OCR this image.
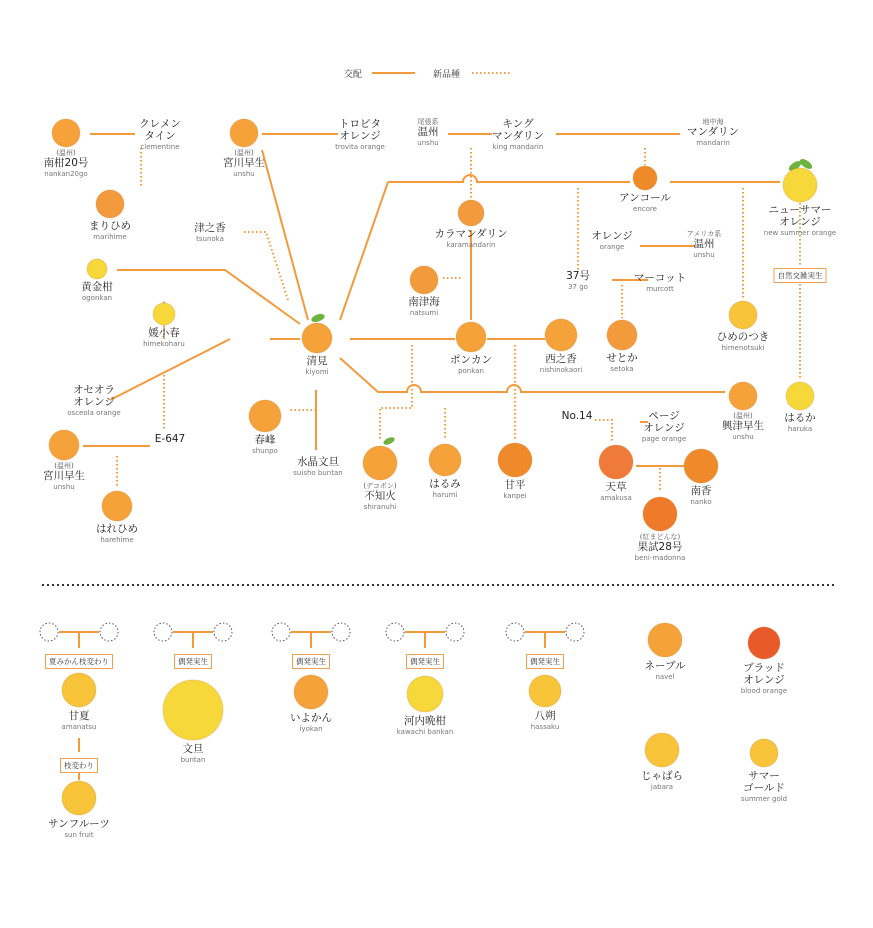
交配	新品種
自然交雑実生
(温州)
南柑20号
nankan20go
クレメン
タイン
clementine
まりひめ
marihime
(温州)
宮川早生
unshu
トロビタ
オレンジ
trovita orange
尾張系
温州
unshu
キング
マンダリン
king mandarin
地中海
マンダリン
mandarin
アンコール
encore	ニューサマー
オレンジ
new summer orange
津之香
tsunoka	カラマンダリン
karamandarin
オレンジ
orange
アメリカ系
温州
unshu
黄金柑
ogonkan	南津海
natsumi
37号
37 go
マーコット
murcott
媛小春
himekoharu
清見
kiyomi
ポンカン
ponkan
西之香
nishinokaori
せとか
setoka
ひめのつき
himenotsuki
オセオラ
オレンジ
osceola orange
春峰
shunpo
(温州)
興津早生
unshu
はるか
haruka
(温州)
宮川早生
unshu
E-647
水晶文旦
suisho buntan
No.14	ページ
オレンジ
page orange
(デコポン)
不知火
shiranuhi
はるみ
harumi
甘平
kanpei
天草
amakusa
南香
nanko
はれひめ
harehime	(紅まどんな)
果試28号
beni-madonna
甘夏
amanatsu
夏みかん枝変わり
サンフルーツ
sun fruit
枝変わり
文旦
buntan
偶発実生
いよかん
iyokan
偶発実生
河内晩柑
kawachi bankan
偶発実生
八朔
hassaku
偶発実生	ネーブル
navel
ブラッド
オレンジ
blood orange
じゃばら
jabara
サマー
ゴールド
summer gold
